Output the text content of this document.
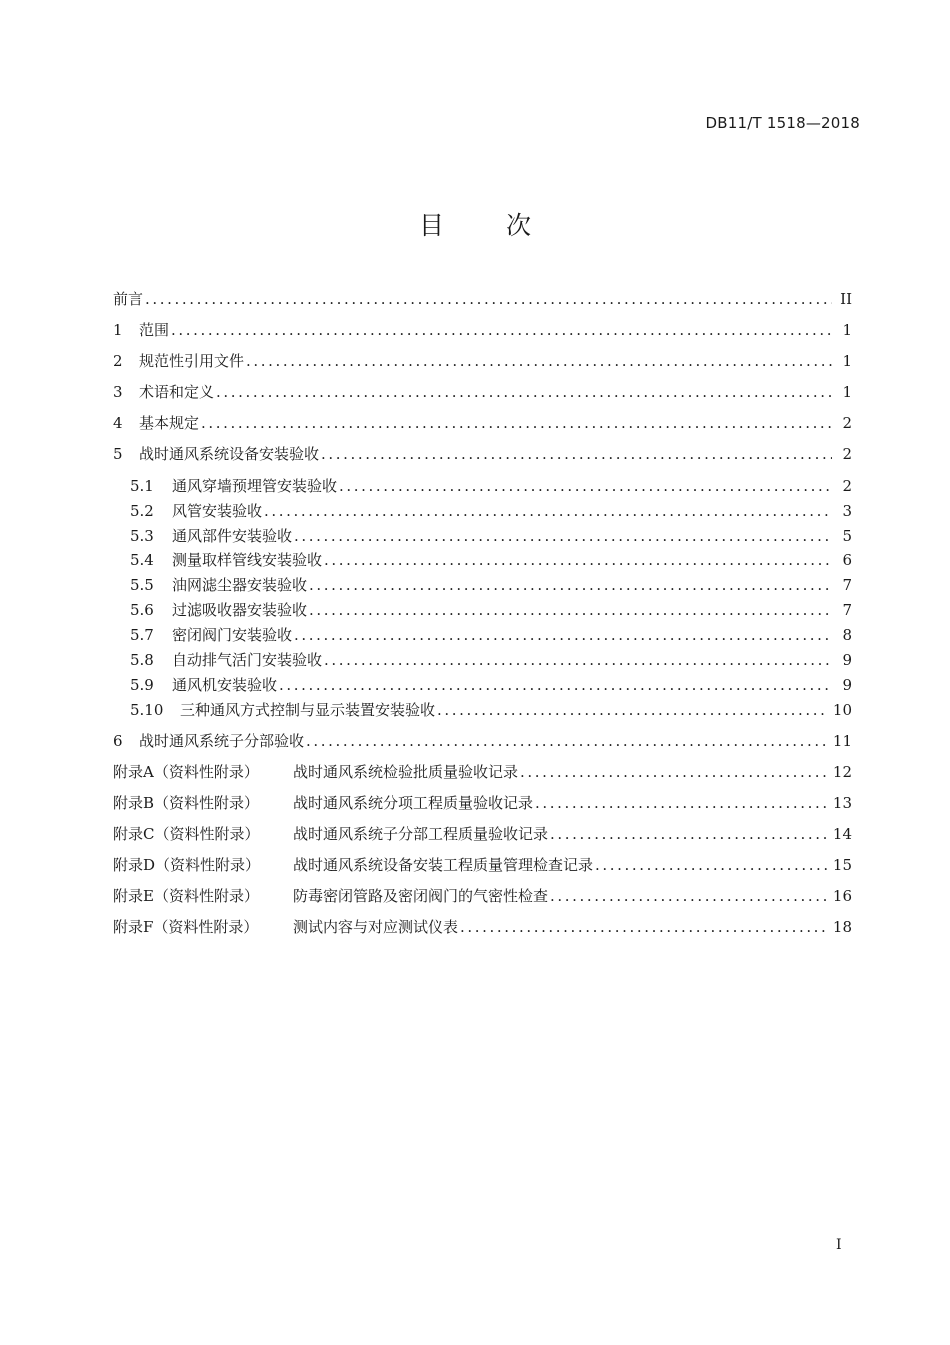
DB11/T 1518—2018
目 次
前言 .....	II
1 范围 .....	1
2 规范性引用文件 .....	1
3 术语和定义 .....	1
4 基本规定 .....	2
5 战时通风系统设备安装验收 .....	2
5.1 通风穿墙预埋管安装验收 .....	2
5.2 风管安装验收 .....	3
5.3 通风部件安装验收 .....	5
5.4 测量取样管线安装验收 .....	6
5.5 油网滤尘器安装验收 .....	7
5.6 过滤吸收器安装验收 .....	7
5.7 密闭阀门安装验收 .....	8
5.8 自动排气活门安装验收 .....	9
5.9 通风机安装验收 .....	9
5.10 三种通风方式控制与显示装置安装验收 .....	10
6 战时通风系统子分部验收 .....	11
附录A（资料性附录） 战时通风系统检验批质量验收记录 .....	12
附录B（资料性附录） 战时通风系统分项工程质量验收记录 .....	13
附录C（资料性附录） 战时通风系统子分部工程质量验收记录 .....	14
附录D（资料性附录） 战时通风系统设备安装工程质量管理检查记录 .....	15
附录E（资料性附录） 防毒密闭管路及密闭阀门的气密性检查 .....	16
附录F（资料性附录） 测试内容与对应测试仪表 .....	18
I
